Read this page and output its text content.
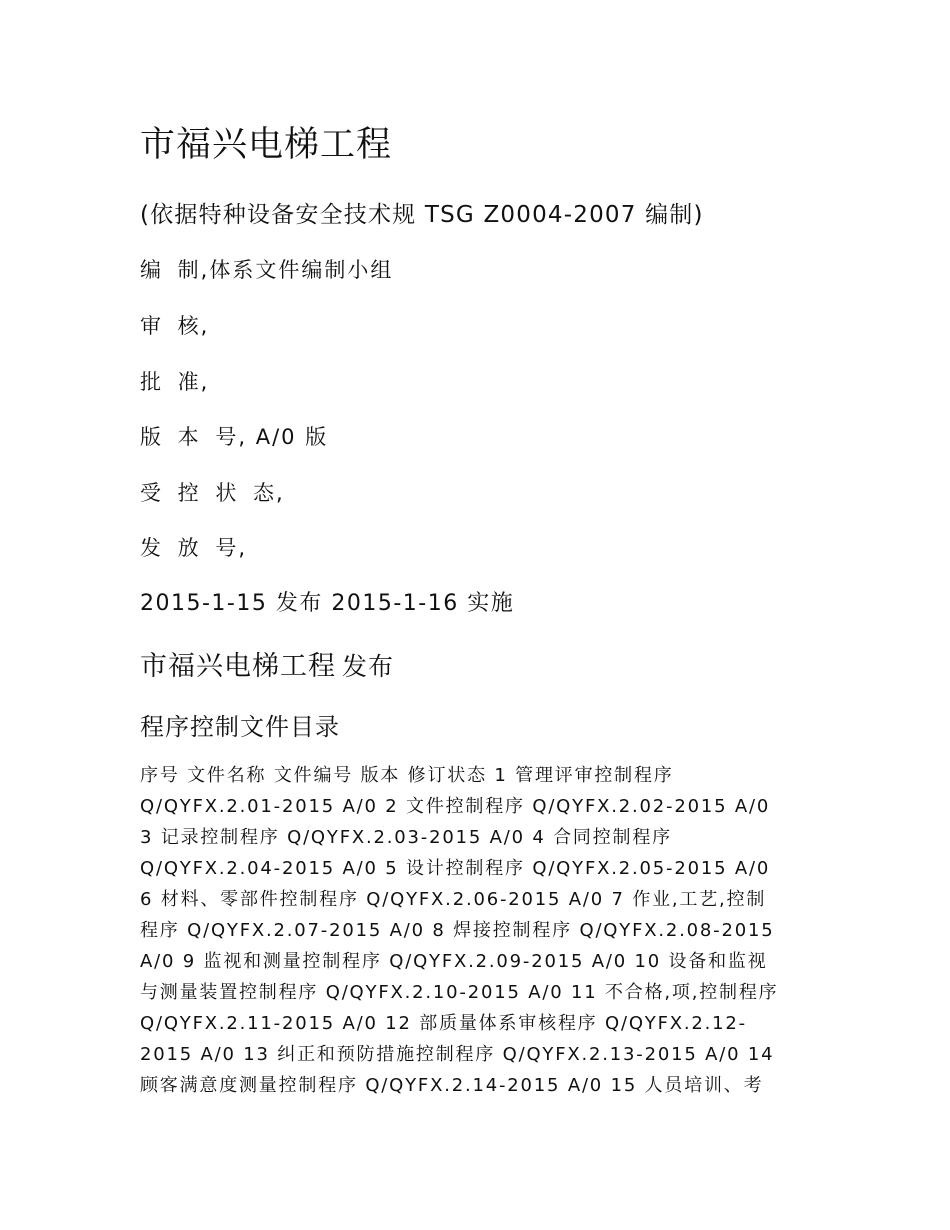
市福兴电梯工程
(依据特种设备安全技术规 TSG Z0004-2007 编制)
编 制,体系文件编制小组
审 核,
批 准,
版 本 号, A/0 版
受 控 状 态,
发 放 号,
2015-1-15 发布 2015-1-16 实施
市福兴电梯工程 发布
程序控制文件目录
序号 文件名称 文件编号 版本 修订状态 1 管理评审控制程序
Q/QYFX.2.01-2015 A/0 2 文件控制程序 Q/QYFX.2.02-2015 A/0
3 记录控制程序 Q/QYFX.2.03-2015 A/0 4 合同控制程序
Q/QYFX.2.04-2015 A/0 5 设计控制程序 Q/QYFX.2.05-2015 A/0
6 材料、零部件控制程序 Q/QYFX.2.06-2015 A/0 7 作业,工艺,控制
程序 Q/QYFX.2.07-2015 A/0 8 焊接控制程序 Q/QYFX.2.08-2015
A/0 9 监视和测量控制程序 Q/QYFX.2.09-2015 A/0 10 设备和监视
与测量装置控制程序 Q/QYFX.2.10-2015 A/0 11 不合格,项,控制程序
Q/QYFX.2.11-2015 A/0 12 部质量体系审核程序 Q/QYFX.2.12-
2015 A/0 13 纠正和预防措施控制程序 Q/QYFX.2.13-2015 A/0 14
顾客满意度测量控制程序 Q/QYFX.2.14-2015 A/0 15 人员培训、考
